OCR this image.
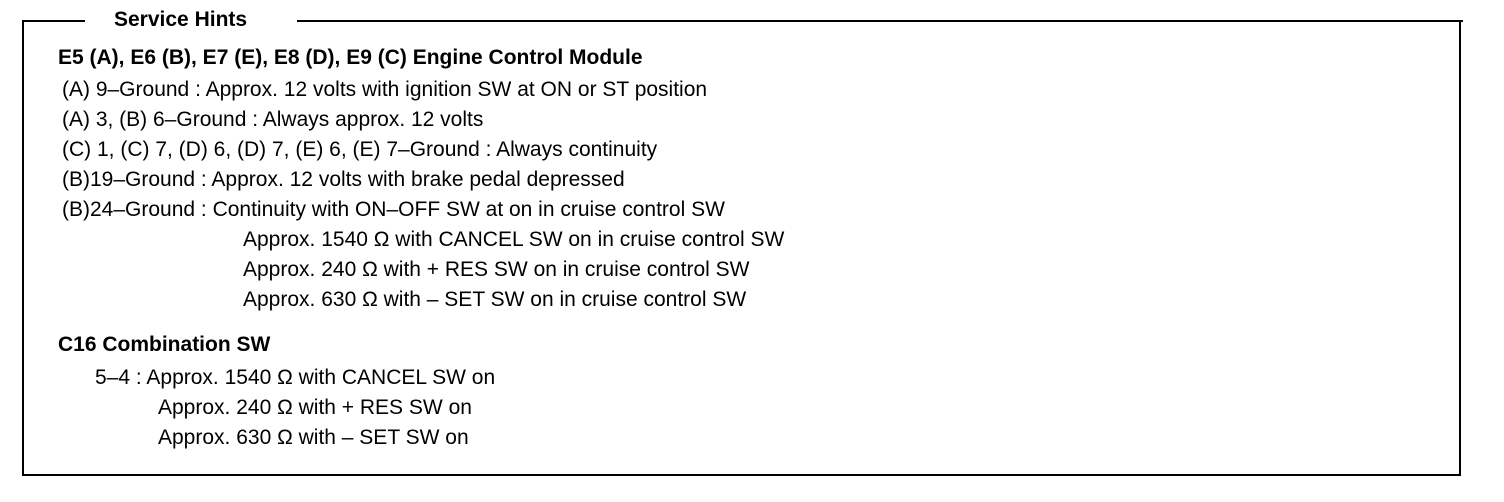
Service Hints
E5 (A), E6 (B), E7 (E), E8 (D), E9 (C) Engine Control Module
(A) 9–Ground : Approx. 12 volts with ignition SW at ON or ST position
(A) 3, (B) 6–Ground : Always approx. 12 volts
(C) 1, (C) 7, (D) 6, (D) 7, (E) 6, (E) 7–Ground : Always continuity
(B)19–Ground : Approx. 12 volts with brake pedal depressed
(B)24–Ground : Continuity with ON–OFF SW at on in cruise control SW
Approx. 1540 Ω with CANCEL SW on in cruise control SW
Approx. 240 Ω with + RES SW on in cruise control SW
Approx. 630 Ω with – SET SW on in cruise control SW
C16 Combination SW
5–4 : Approx. 1540 Ω with CANCEL SW on
Approx. 240 Ω with + RES SW on
Approx. 630 Ω with – SET SW on
